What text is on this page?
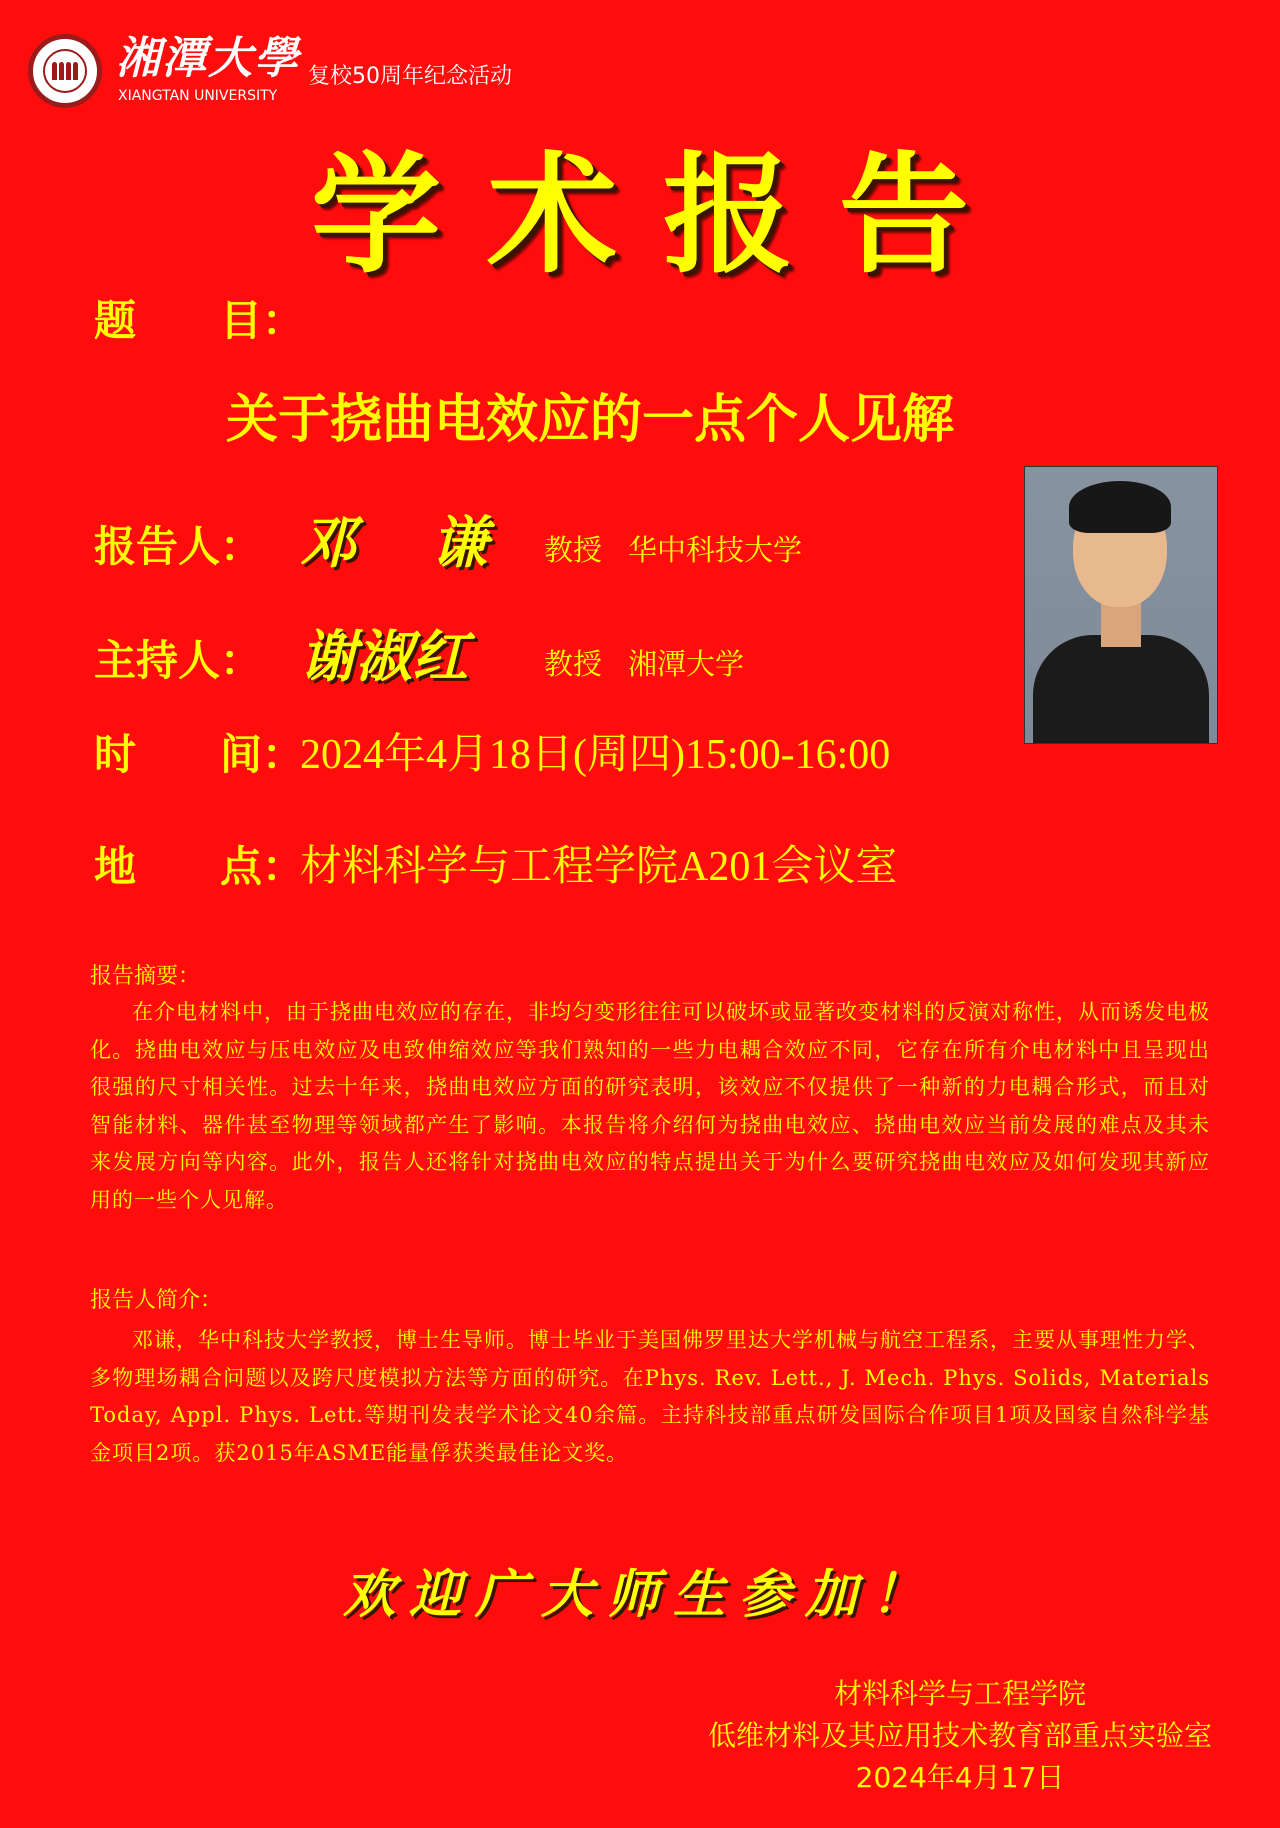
湘潭大學
XIANGTAN UNIVERSITY
复校50周年纪念活动
学术报告
题　　目：
关于挠曲电效应的一点个人见解
报告人： 邓　 谦 教授 华中科技大学
主持人： 谢淑红	教授 湘潭大学
时　　间：
2024年4月18日(周四)15:00-16:00
地　　点：
材料科学与工程学院A201会议室
报告摘要：
在介电材料中，由于挠曲电效应的存在，非均匀变形往往可以破坏或显著改变材料的反演对称性，从而诱发电极化。挠曲电效应与压电效应及电致伸缩效应等我们熟知的一些力电耦合效应不同，它存在所有介电材料中且呈现出很强的尺寸相关性。过去十年来，挠曲电效应方面的研究表明，该效应不仅提供了一种新的力电耦合形式，而且对智能材料、器件甚至物理等领域都产生了影响。本报告将介绍何为挠曲电效应、挠曲电效应当前发展的难点及其未来发展方向等内容。此外，报告人还将针对挠曲电效应的特点提出关于为什么要研究挠曲电效应及如何发现其新应用的一些个人见解。
报告人简介：
邓谦，华中科技大学教授，博士生导师。博士毕业于美国佛罗里达大学机械与航空工程系，主要从事理性力学、多物理场耦合问题以及跨尺度模拟方法等方面的研究。在Phys. Rev. Lett., J. Mech. Phys. Solids, Materials Today, Appl. Phys. Lett.等期刊发表学术论文40余篇。主持科技部重点研发国际合作项目1项及国家自然科学基金项目2项。获2015年ASME能量俘获类最佳论文奖。
欢迎广大师生参加！
材料科学与工程学院
低维材料及其应用技术教育部重点实验室
2024年4月17日
